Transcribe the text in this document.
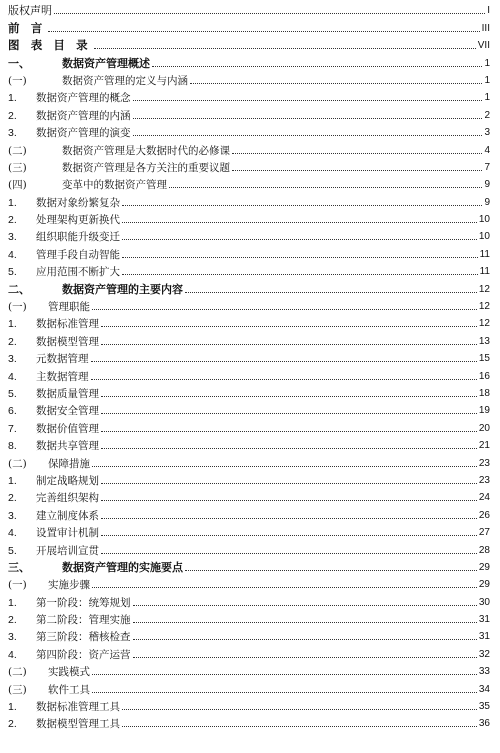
版权声明	I
前 言	III
图 表 目 录	VII
一、	数据资产管理概述	1
(一)	数据资产管理的定义与内涵	1
1.	数据资产管理的概念	1
2.	数据资产管理的内涵	2
3.	数据资产管理的演变	3
(二)	数据资产管理是大数据时代的必修课	4
(三)	数据资产管理是各方关注的重要议题	7
(四)	变革中的数据资产管理	9
1.	数据对象纷繁复杂	9
2.	处理架构更新换代	10
3.	组织职能升级变迁	10
4.	管理手段自动智能	11
5.	应用范围不断扩大	11
二、	数据资产管理的主要内容	12
(一)	管理职能	12
1.	数据标准管理	12
2.	数据模型管理	13
3.	元数据管理	15
4.	主数据管理	16
5.	数据质量管理	18
6.	数据安全管理	19
7.	数据价值管理	20
8.	数据共享管理	21
(二)	保障措施	23
1.	制定战略规划	23
2.	完善组织架构	24
3.	建立制度体系	26
4.	设置审计机制	27
5.	开展培训宣贯	28
三、	数据资产管理的实施要点	29
(一)	实施步骤	29
1.	第一阶段：统筹规划	30
2.	第二阶段：管理实施	31
3.	第三阶段：稽核检查	31
4.	第四阶段：资产运营	32
(二)	实践模式	33
(三)	软件工具	34
1.	数据标准管理工具	35
2.	数据模型管理工具	36
